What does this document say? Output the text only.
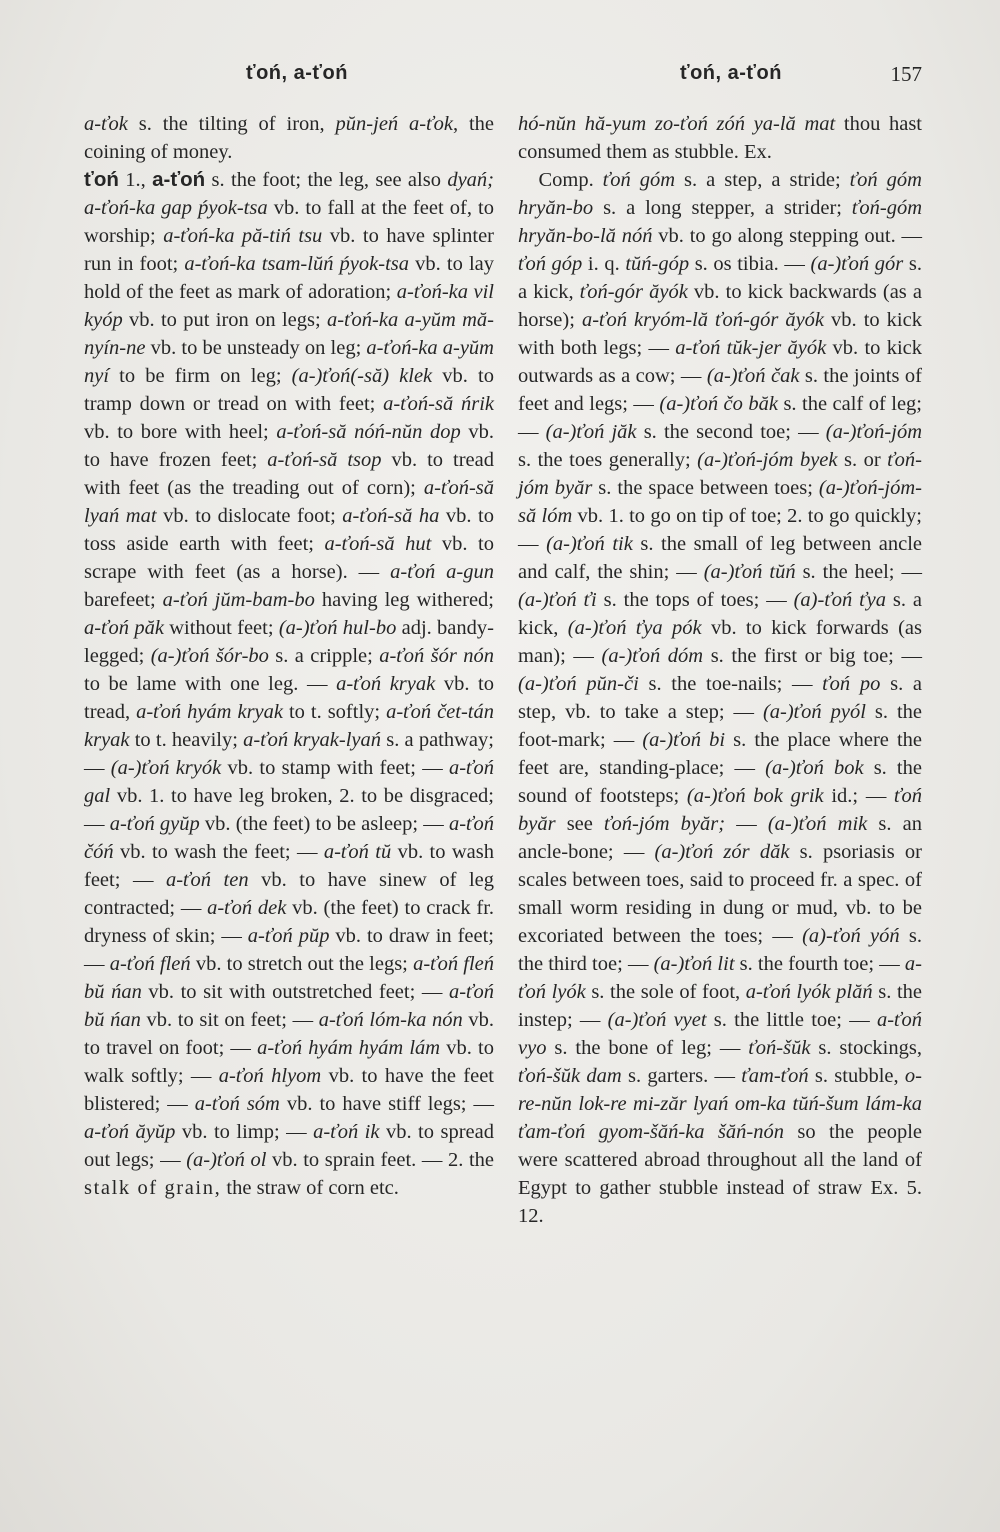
ťoń, a-ťoń	ťoń, a-ťoń	157

a-ťok s. the tilting of iron, pŭn-jeń a-ťok, the coining of money.

ťoń 1., a-ťoń s. the foot; the leg, see also dyań; a-ťoń-ka gap ṕyok-tsa vb. to fall at the feet of, to worship; a-ťoń-ka pă-tiń tsu vb. to have splinter run in foot; a-ťoń-ka tsam-lŭń ṕyok-tsa vb. to lay hold of the feet as mark of adoration; a-ťoń-ka vil kyóp vb. to put iron on legs; a-ťoń-ka a-yŭm mă-nyín-ne vb. to be unsteady on leg; a-ťoń-ka a-yŭm nyí to be firm on leg; (a-)ťoń(-să) klek vb. to tramp down or tread on with feet; a-ťoń-să ńrik vb. to bore with heel; a-ťoń-să nóń-nŭn dop vb. to have frozen feet; a-ťoń-să tsop vb. to tread with feet (as the treading out of corn); a-ťoń-să lyań mat vb. to dislocate foot; a-ťoń-să ha vb. to toss aside earth with feet; a-ťoń-să hut vb. to scrape with feet (as a horse). — a-ťoń a-gun barefeet; a-ťoń jŭm-bam-bo having leg withered; a-ťoń păk without feet; (a-)ťoń hul-bo adj. bandy-legged; (a-)ťoń šór-bo s. a cripple; a-ťoń šór nón to be lame with one leg. — a-ťoń kryak vb. to tread, a-ťoń hyám kryak to t. softly; a-ťoń čet-tán kryak to t. heavily; a-ťoń kryak-lyań s. a pathway; — (a-)ťoń kryók vb. to stamp with feet; — a-ťoń gal vb. 1. to have leg broken, 2. to be disgraced; — a-ťoń gyŭp vb. (the feet) to be asleep; — a-ťoń čóń vb. to wash the feet; — a-ťoń tŭ vb. to wash feet; — a-ťoń ten vb. to have sinew of leg contracted; — a-ťoń dek vb. (the feet) to crack fr. dryness of skin; — a-ťoń pŭp vb. to draw in feet; — a-ťoń fleń vb. to stretch out the legs; a-ťoń fleń bŭ ńan vb. to sit with outstretched feet; — a-ťoń bŭ ńan vb. to sit on feet; — a-ťoń lóm-ka nón vb. to travel on foot; — a-ťoń hyám hyám lám vb. to walk softly; — a-ťoń hlyom vb. to have the feet blistered; — a-ťoń sóm vb. to have stiff legs; — a-ťoń ăyŭp vb. to limp; — a-ťoń ik vb. to spread out legs; — (a-)ťoń ol vb. to sprain feet. — 2. the stalk of grain, the straw of corn etc.

hó-nŭn hă-yum zo-ťoń zóń ya-lă mat thou hast consumed them as stubble. Ex.

Comp. ťoń góm s. a step, a stride; ťoń góm hryăn-bo s. a long stepper, a strider; ťoń-góm hryăn-bo-lă nóń vb. to go along stepping out. — ťoń góp i. q. tŭń-góp s. os tibia. — (a-)ťoń gór s. a kick, ťoń-gór ăyók vb. to kick backwards (as a horse); a-ťoń kryóm-lă ťoń-gór ăyók vb. to kick with both legs; — a-ťoń tŭk-jer ăyók vb. to kick outwards as a cow; — (a-)ťoń čak s. the joints of feet and legs; — (a-)ťoń čo băk s. the calf of leg; — (a-)ťoń jăk s. the second toe; — (a-)ťoń-jóm s. the toes generally; (a-)ťoń-jóm byek s. or ťoń-jóm byăr s. the space between toes; (a-)ťoń-jóm-să lóm vb. 1. to go on tip of toe; 2. to go quickly; — (a-)ťoń tik s. the small of leg between ancle and calf, the shin; — (a-)ťoń tŭń s. the heel; — (a-)ťoń ťi s. the tops of toes; — (a)-ťoń ťya s. a kick, (a-)ťoń ťya pók vb. to kick forwards (as man); — (a-)ťoń dóm s. the first or big toe; — (a-)ťoń pŭn-či s. the toe-nails; — ťoń po s. a step, vb. to take a step; — (a-)ťoń pyól s. the foot-mark; — (a-)ťoń bi s. the place where the feet are, standing-place; — (a-)ťoń bok s. the sound of footsteps; (a-)ťoń bok grik id.; — ťoń byăr see ťoń-jóm byăr; — (a-)ťoń mik s. an ancle-bone; — (a-)ťoń zór dăk s. psoriasis or scales between toes, said to proceed fr. a spec. of small worm residing in dung or mud, vb. to be excoriated between the toes; — (a)-ťoń yóń s. the third toe; — (a-)ťoń lit s. the fourth toe; — a-ťoń lyók s. the sole of foot, a-ťoń lyók plăń s. the instep; — (a-)ťoń vyet s. the little toe; — a-ťoń vyo s. the bone of leg; — ťoń-šŭk s. stockings, ťoń-šŭk dam s. garters. — ťam-ťoń s. stubble, o-re-nŭn lok-re mi-zăr lyań om-ka tŭń-šum lám-ka ťam-ťoń gyom-šăń-ka šăń-nón so the people were scattered abroad throughout all the land of Egypt to gather stubble instead of straw Ex. 5. 12.
